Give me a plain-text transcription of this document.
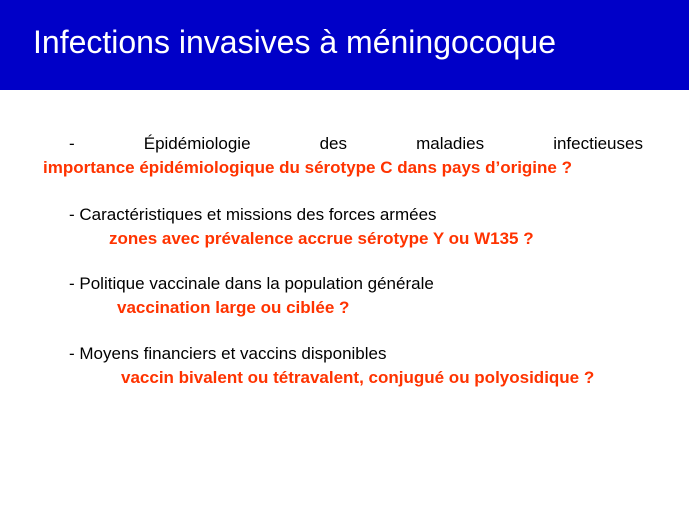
Infections invasives à méningocoque
-	Épidémiologie	des	maladies	infectieuses
importance épidémiologique du sérotype C dans pays d’origine ?
- Caractéristiques et missions des forces armées
zones avec prévalence accrue sérotype Y ou W135 ?
- Politique vaccinale dans la population générale
vaccination large ou ciblée ?
- Moyens financiers et vaccins disponibles
vaccin bivalent ou tétravalent, conjugué ou polyosidique ?
